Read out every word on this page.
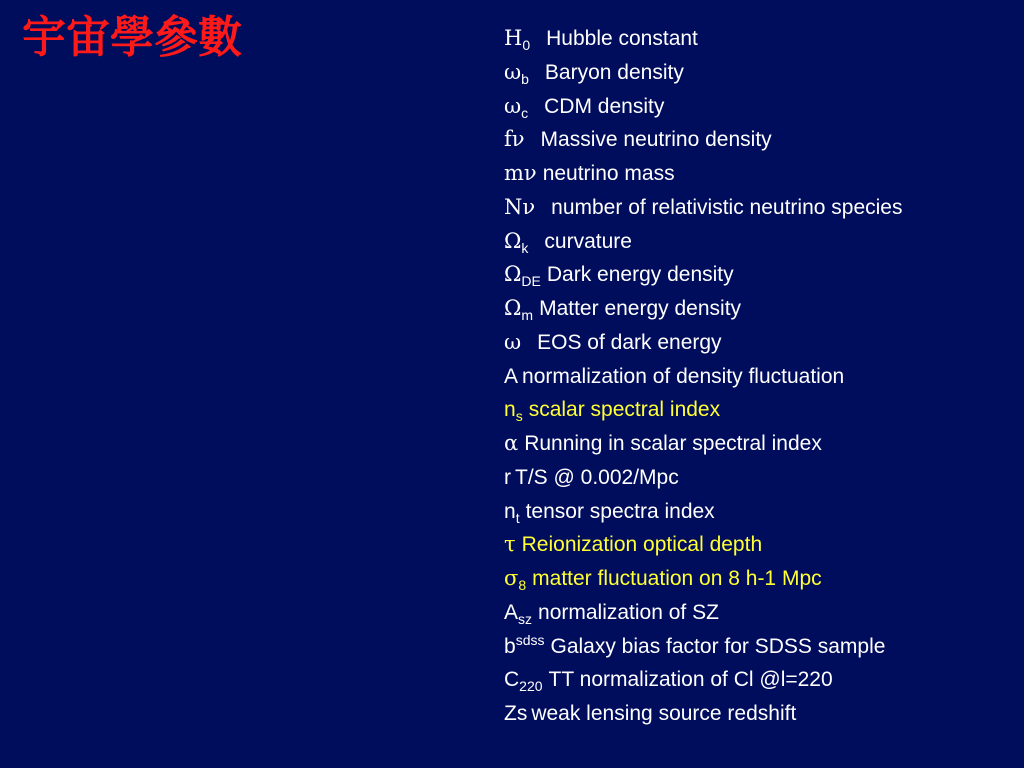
宇宙學參數	$H_0$ Hubble constant
$\omega_b$ Baryon density
$\omega_c$ CDM density
fν Massive neutrino density
mν neutrino mass
Nν number of relativistic neutrino species
$\Omega_k$ curvature
$\Omega_{DE}$ Dark energy density
$\Omega_m$ Matter energy density
ω EOS of dark energy
A normalization of density fluctuation
$n_s$ scalar spectral index
α Running in scalar spectral index
r T/S @ 0.002/Mpc
$n_t$ tensor spectra index
τ Reionization optical depth
$\sigma_8$ matter fluctuation on 8 h-1 Mpc
$A_{sz}$ normalization of SZ
$b^{sdss}$ Galaxy bias factor for SDSS sample
$C_{220}$ TT normalization of Cl @l=220
Zs weak lensing source redshift
